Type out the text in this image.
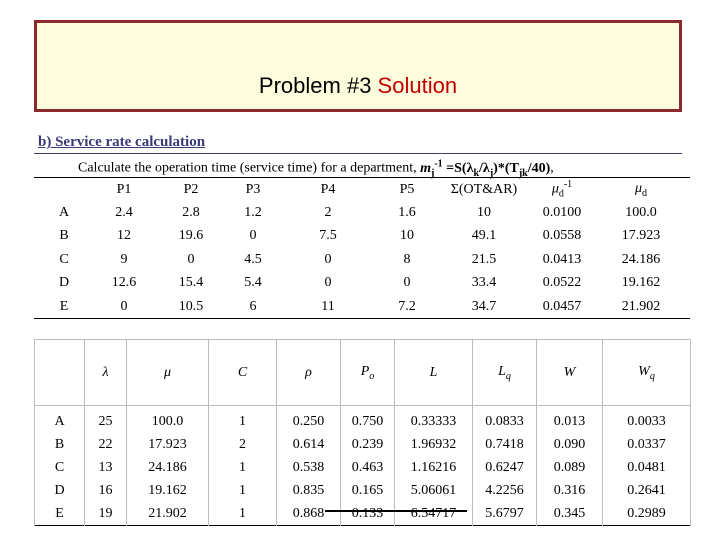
Problem #3 Solution
b) Service rate calculation
Calculate the operation time (service time) for a department, $m_j^{-1} =S(\lambda_k/\lambda_j)*(T_{jk}/40)$,
	P1	P2	P3	P4	P5	Σ(OT&AR)	$\mu_d^{-1}$	$\mu_d$
A	2.4	2.8	1.2	2	1.6	10	0.0100	100.0
B	12	19.6	0	7.5	10	49.1	0.0558	17.923
C	9	0	4.5	0	8	21.5	0.0413	24.186
D	12.6	15.4	5.4	0	0	33.4	0.0522	19.162
E	0	10.5	6	11	7.2	34.7	0.0457	21.902
	λ	μ	C	ρ	$P_o$	L	$L_q$	W	$W_q$
A	25	100.0	1	0.250	0.750	0.33333	0.0833	0.013	0.0033
B	22	17.923	2	0.614	0.239	1.96932	0.7418	0.090	0.0337
C	13	24.186	1	0.538	0.463	1.16216	0.6247	0.089	0.0481
D	16	19.162	1	0.835	0.165	5.06061	4.2256	0.316	0.2641
E	19	21.902	1	0.868	0.133	6.54717	5.6797	0.345	0.2989
